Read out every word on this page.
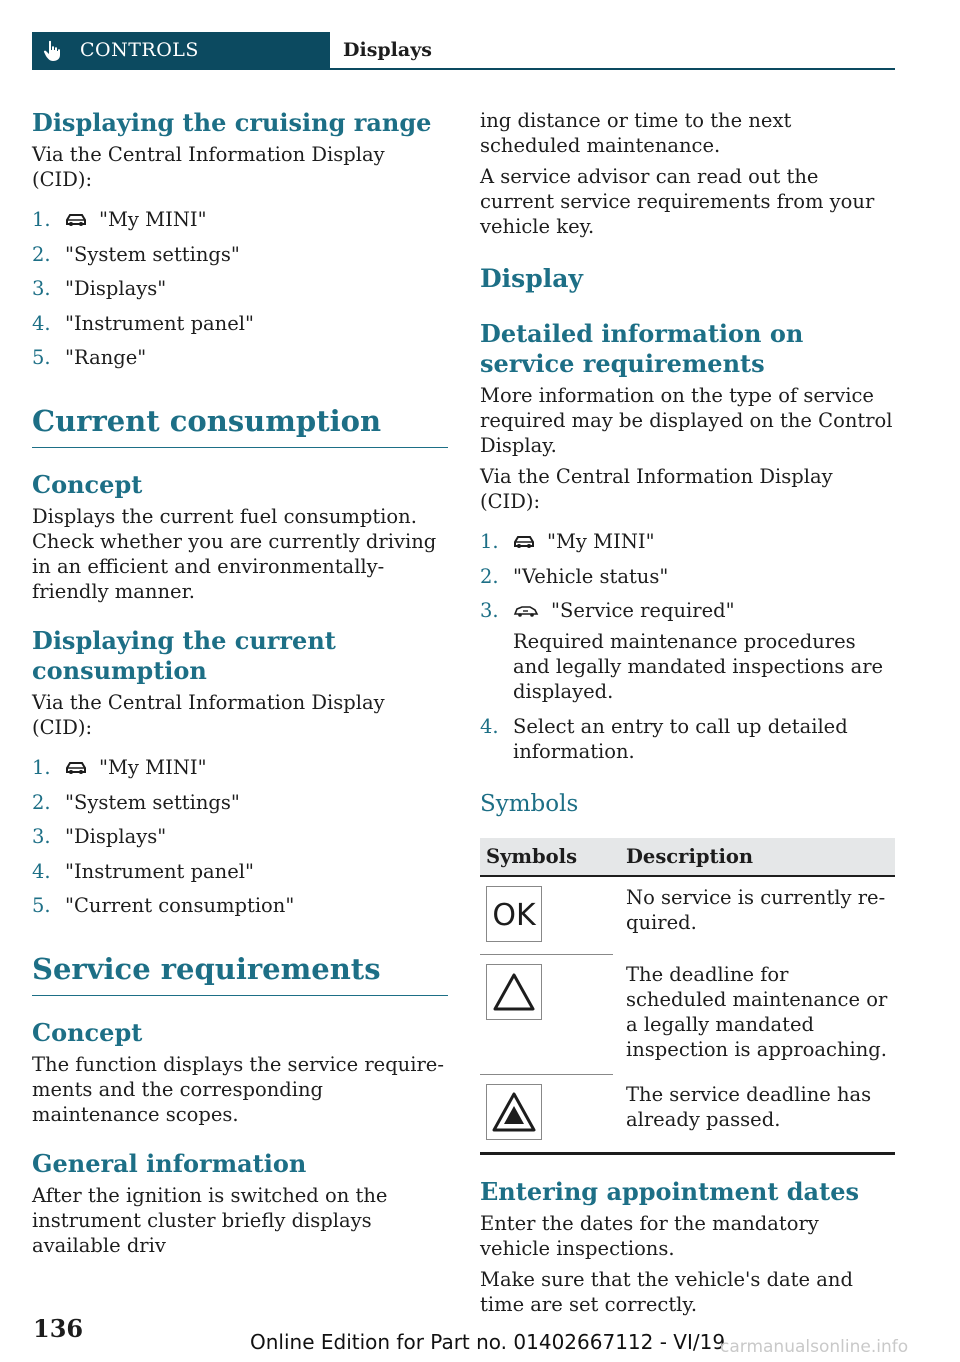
CONTROLS	Displays
Displaying the cruising range

Via the Central Information Display (CID):

1. "My MINI"
2. "System settings"
3. "Displays"
4. "Instrument panel"
5. "Range"
Current consumption
Concept

Displays the current fuel consumption. Check whether you are currently driving in an efficient and environmentally-friendly manner.

Displaying the current consumption

Via the Central Information Display (CID):

1. "My MINI"
2. "System settings"
3. "Displays"
4. "Instrument panel"
5. "Current consumption"
Service requirements
Concept

The function displays the service requirements and the corresponding maintenance scopes.

General information

After the ignition is switched on the instrument cluster briefly displays available driv

ing distance or time to the next scheduled maintenance.

A service advisor can read out the current service requirements from your vehicle key.

Display
Detailed information on service requirements

More information on the type of service required may be displayed on the Control Display.

Via the Central Information Display (CID):

1. "My MINI"
2. "Vehicle status"
3.	"Service required"
Required maintenance procedures and legally mandated inspections are displayed.
4. Select an entry to call up detailed information.
Symbols
Symbols	Description

OK	No service is currently required.

	The deadline for scheduled maintenance or a legally mandated inspection is approaching.

	The service deadline has already passed.
Entering appointment dates

Enter the dates for the mandatory vehicle inspections.

Make sure that the vehicle's date and time are set correctly.

136	Online Edition for Part no. 01402667112 - VI/19
carmanualsonline.info
